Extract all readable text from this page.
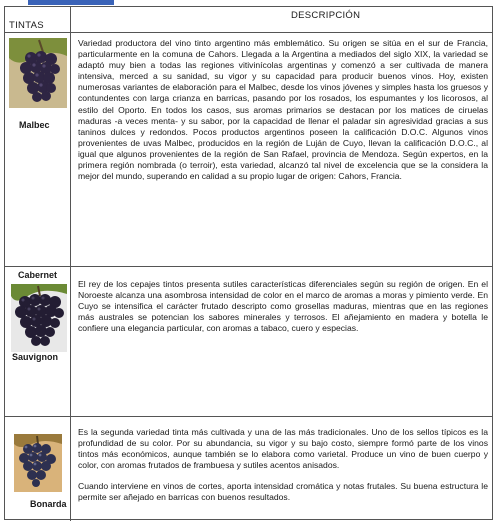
TINTAS
DESCRIPCIÓN
Malbec

Variedad productora del vino tinto argentino más emblemático. Su origen se sitúa en el sur de Francia, particularmente en la comuna de Cahors. Llegada a la Argentina a mediados del siglo XIX, la variedad se adaptó muy bien a todas las regiones vitivinícolas argentinas y comenzó a ser cultivada de manera intensiva, merced a su sanidad, su vigor y su capacidad para producir buenos vinos. Hoy, existen numerosas variantes de elaboración para el Malbec, desde los vinos jóvenes y simples hasta los gruesos y contundentes con larga crianza en barricas, pasando por los rosados, los espumantes y los licorosos, al estilo del Oporto. En todos los casos, sus aromas primarios se destacan por los matices de ciruelas maduras -a veces menta- y su sabor, por la capacidad de llenar el paladar sin agresividad gracias a sus taninos dulces y redondos. Pocos productos argentinos poseen la calificación D.O.C. Algunos vinos provenientes de uvas Malbec, producidos en la región de Luján de Cuyo, llevan la calificación D.O.C., al igual que algunos provenientes de la región de San Rafael, provincia de Mendoza. Según expertos, en la primera región nombrada (o terroir), esta variedad, alcanzó tal nivel de excelencia que se la considera la mejor del mundo, superando en calidad a su propio lugar de origen: Cahors, Francia.

Cabernet
Sauvignon

El rey de los cepajes tintos presenta sutiles características diferenciales según su región de origen. En el Noroeste alcanza una asombrosa intensidad de color en el marco de aromas a moras y pimiento verde. En Cuyo se intensifica el carácter frutado descripto como grosellas maduras, mientras que en las regiones más australes se potencian los sabores minerales y terrosos. El añejamiento en madera y botella le confiere una elegancia particular, con aromas a tabaco, cuero y especias.

Bonarda

Es la segunda variedad tinta más cultivada y una de las más tradicionales. Uno de los sellos típicos es la profundidad de su color. Por su abundancia, su vigor y su bajo costo, siempre formó parte de los vinos tintos más económicos, aunque también se lo elabora como varietal. Produce un vino de buen cuerpo y color, con aromas frutados de frambuesa y sutiles acentos anisados.

Cuando interviene en vinos de cortes, aporta intensidad cromática y notas frutales. Su buena estructura le permite ser añejado en barricas con buenos resultados.
